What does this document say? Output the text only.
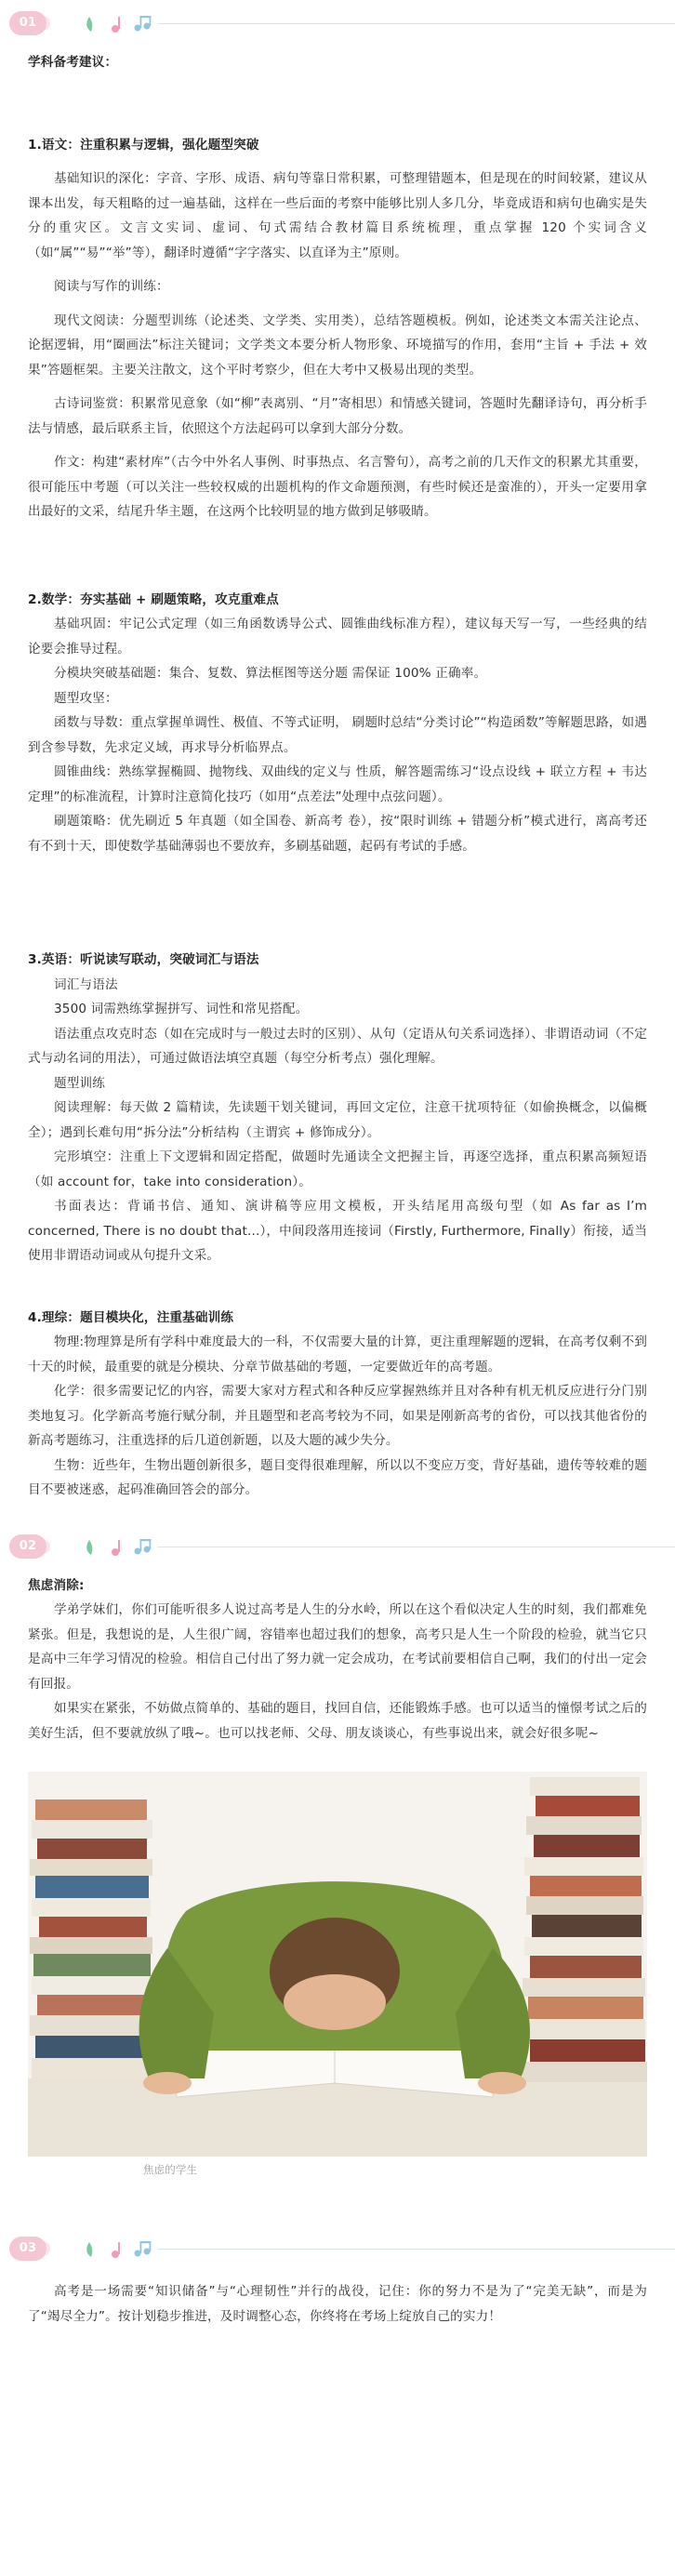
01

学科备考建议：

1.语文：注重积累与逻辑，强化题型突破

基础知识的深化：字音、字形、成语、病句等靠日常积累，可整理错题本，但是现在的时间较紧，建议从课本出发，每天粗略的过一遍基础，这样在一些后面的考察中能够比别人多几分，毕竟成语和病句也确实是失分的重灾区。文言文实词、虚词、句式需结合教材篇目系统梳理，重点掌握 120 个实词含义（如“属”“易”“举”等），翻译时遵循“字字落实、以直译为主”原则。

阅读与写作的训练：

现代文阅读：分题型训练（论述类、文学类、实用类），总结答题模板。例如，论述类文本需关注论点、论据逻辑，用“圈画法”标注关键词；文学类文本要分析人物形象、环境描写的作用，套用“主旨 + 手法 + 效果”答题框架。主要关注散文，这个平时考察少，但在大考中又极易出现的类型。

古诗词鉴赏：积累常见意象（如“柳”表离别、“月”寄相思）和情感关键词，答题时先翻译诗句，再分析手法与情感，最后联系主旨，依照这个方法起码可以拿到大部分分数。

作文：构建“素材库”（古今中外名人事例、时事热点、名言警句），高考之前的几天作文的积累尤其重要，很可能压中考题（可以关注一些较权威的出题机构的作文命题预测，有些时候还是蛮准的），开头一定要用拿出最好的文采，结尾升华主题，在这两个比较明显的地方做到足够吸睛。

2.数学：夯实基础 + 刷题策略，攻克重难点

基础巩固：牢记公式定理（如三角函数诱导公式、圆锥曲线标准方程），建议每天写一写，一些经典的结论要会推导过程。

分模块突破基础题：集合、复数、算法框图等送分题 需保证 100% 正确率。

题型攻坚：

函数与导数：重点掌握单调性、极值、不等式证明， 刷题时总结“分类讨论”“构造函数”等解题思路，如遇到含参导数，先求定义域，再求导分析临界点。

圆锥曲线：熟练掌握椭圆、抛物线、双曲线的定义与 性质，解答题需练习“设点设线 + 联立方程 + 韦达定理”的标准流程，计算时注意简化技巧（如用“点差法”处理中点弦问题）。

刷题策略：优先刷近 5 年真题（如全国卷、新高考 卷），按“限时训练 + 错题分析”模式进行，离高考还有不到十天，即使数学基础薄弱也不要放弃，多刷基础题，起码有考试的手感。

3.英语：听说读写联动，突破词汇与语法

词汇与语法

3500 词需熟练掌握拼写、词性和常见搭配。

语法重点攻克时态（如在完成时与一般过去时的区别）、从句（定语从句关系词选择）、非谓语动词（不定式与动名词的用法），可通过做语法填空真题（每空分析考点）强化理解。

题型训练

阅读理解：每天做 2 篇精读，先读题干划关键词，再回文定位，注意干扰项特征（如偷换概念，以偏概全）；遇到长难句用“拆分法”分析结构（主谓宾 + 修饰成分）。

完形填空：注重上下文逻辑和固定搭配，做题时先通读全文把握主旨，再逐空选择，重点积累高频短语（如 account for，take into consideration）。

书面表达：背诵书信、通知、演讲稿等应用文模板，开头结尾用高级句型（如 As far as I’m concerned, There is no doubt that...），中间段落用连接词（Firstly, Furthermore, Finally）衔接，适当使用非谓语动词或从句提升文采。

4.理综：题目模块化，注重基础训练

物理:物理算是所有学科中难度最大的一科，不仅需要大量的计算，更注重理解题的逻辑，在高考仅剩不到十天的时候，最重要的就是分模块、分章节做基础的考题，一定要做近年的高考题。

化学：很多需要记忆的内容，需要大家对方程式和各种反应掌握熟练并且对各种有机无机反应进行分门别类地复习。化学新高考施行赋分制，并且题型和老高考较为不同，如果是刚新高考的省份，可以找其他省份的新高考题练习，注重选择的后几道创新题，以及大题的减少失分。

生物：近些年，生物出题创新很多，题目变得很难理解，所以以不变应万变，背好基础，遗传等较难的题目不要被迷惑，起码准确回答会的部分。

02

焦虑消除:

学弟学妹们，你们可能听很多人说过高考是人生的分水岭，所以在这个看似决定人生的时刻，我们都难免紧张。但是，我想说的是，人生很广阔，容错率也超过我们的想象，高考只是人生一个阶段的检验，就当它只是高中三年学习情况的检验。相信自己付出了努力就一定会成功，在考试前要相信自己啊，我们的付出一定会有回报。

如果实在紧张，不妨做点简单的、基础的题目，找回自信，还能锻炼手感。也可以适当的憧憬考试之后的美好生活，但不要就放纵了哦~。也可以找老师、父母、朋友谈谈心，有些事说出来，就会好很多呢~

焦虑的学生
03

高考是一场需要“知识储备”与“心理韧性”并行的战役，记住：你的努力不是为了“完美无缺”，而是为了“竭尽全力”。按计划稳步推进，及时调整心态，你终将在考场上绽放自己的实力！
